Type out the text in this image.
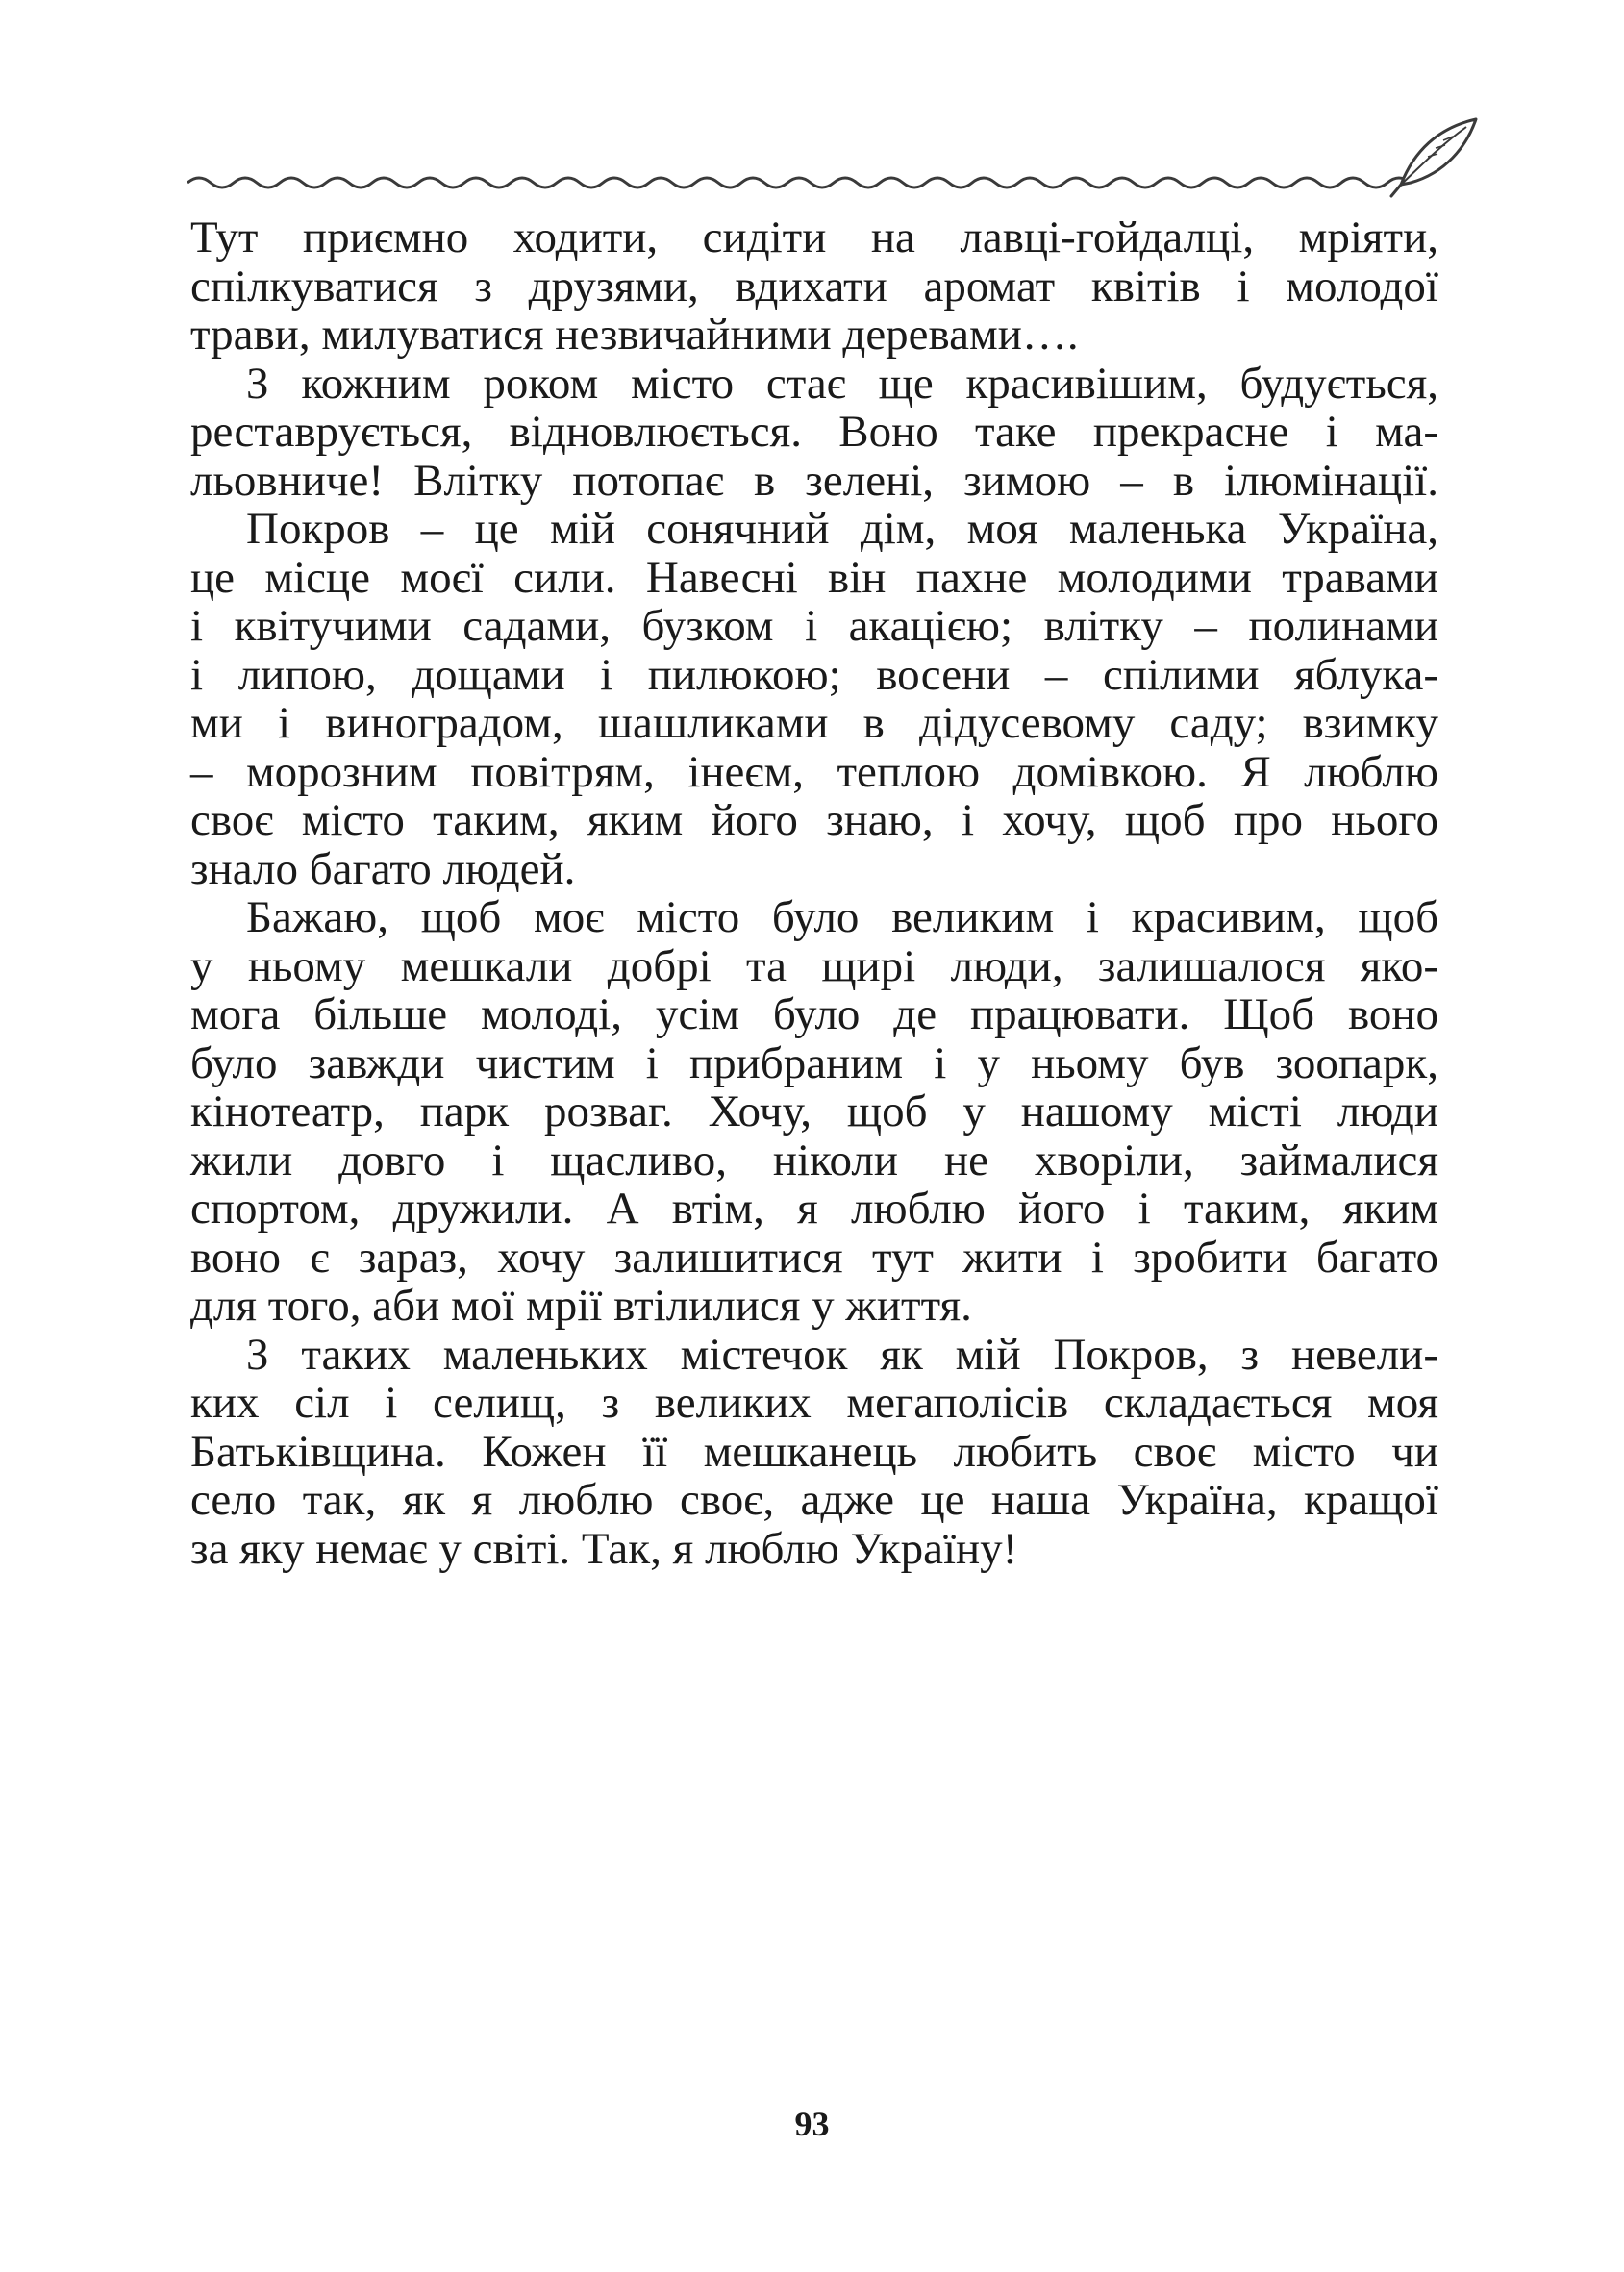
Тут приємно ходити, сидіти на лавці-гойдалці, мріяти,
спілкуватися з друзями, вдихати аромат квітів і молодої
трави, милуватися незвичайними деревами….
З кожним роком місто стає ще красивішим, будується,
реставрується, відновлюється. Воно таке прекрасне і ма-
льовниче! Влітку потопає в зелені, зимою – в ілюмінації.
Покров – це мій сонячний дім, моя маленька Україна,
це місце моєї сили. Навесні він пахне молодими травами
і квітучими садами, бузком і акацією; влітку – полинами
і липою, дощами і пилюкою; восени – спілими яблука-
ми і виноградом, шашликами в дідусевому саду; взимку
– морозним повітрям, інеєм, теплою домівкою. Я люблю
своє місто таким, яким його знаю, і хочу, щоб про нього
знало багато людей.
Бажаю, щоб моє місто було великим і красивим, щоб
у ньому мешкали добрі та щирі люди, залишалося яко-
мога більше молоді, усім було де працювати. Щоб воно
було завжди чистим і прибраним і у ньому був зоопарк,
кінотеатр, парк розваг. Хочу, щоб у нашому місті люди
жили довго і щасливо, ніколи не хворіли, займалися
спортом, дружили. А втім, я люблю його і таким, яким
воно є зараз, хочу залишитися тут жити і зробити багато
для того, аби мої мрії втілилися у життя.
З таких маленьких містечок як мій Покров, з невели-
ких сіл і селищ, з великих мегаполісів складається моя
Батьківщина. Кожен її мешканець любить своє місто чи
село так, як я люблю своє, адже це наша Україна, кращої
за яку немає у світі. Так, я люблю Україну!
93
